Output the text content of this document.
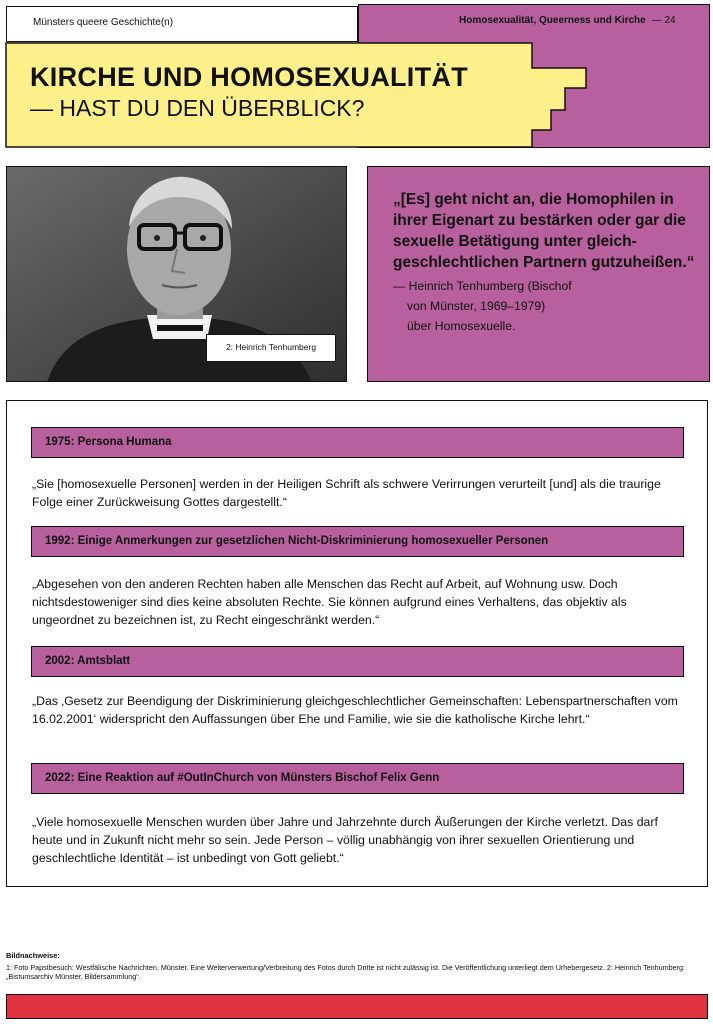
Homosexualität, Queerness und Kirche — 24
Münsters queere Geschichte(n)
KIRCHE UND HOMOSEXUALITÄT
— HAST DU DEN ÜBERBLICK?
2: Heinrich Tenhumberg
„[Es] geht nicht an, die Homophilen in ihrer Eigenart zu bestärken oder gar die sexuelle Betätigung unter gleichgeschlechtlichen Partnern gutzuheißen.“
— Heinrich Tenhumberg (Bischof
von Münster, 1969–1979)
über Homosexuelle.
1975: Persona Humana
„Sie [homosexuelle Personen] werden in der Heiligen Schrift als schwere Verirrungen verurteilt [und] als die traurige Folge einer Zurückweisung Gottes dargestellt.“
1992: Einige Anmerkungen zur gesetzlichen Nicht-Diskriminierung homosexueller Personen
„Abgesehen von den anderen Rechten haben alle Menschen das Recht auf Arbeit, auf Wohnung usw. Doch nichtsdestoweniger sind dies keine absoluten Rechte. Sie können aufgrund eines Verhaltens, das objektiv als ungeordnet zu bezeichnen ist, zu Recht eingeschränkt werden.“
2002: Amtsblatt
„Das ‚Gesetz zur Beendigung der Diskriminierung gleichgeschlechtlicher Gemeinschaften: Lebenspartnerschaften vom 16.02.2001‘ widerspricht den Auffassungen über Ehe und Familie, wie sie die katholische Kirche lehrt.“
2022: Eine Reaktion auf #OutInChurch von Münsters Bischof Felix Genn
„Viele homosexuelle Menschen wurden über Jahre und Jahrzehnte durch Äußerungen der Kirche verletzt. Das darf heute und in Zukunft nicht mehr so sein. Jede Person – völlig unabhängig von ihrer sexuellen Orientierung und geschlechtliche Identität – ist unbedingt von Gott geliebt.“
Bildnachweise:
1: Foto Papstbesuch: Westfälische Nachrichten, Münster. Eine Weiterverwertung/Verbreitung des Fotos durch Dritte ist nicht zulässig ist. Die Veröffentlichung unterliegt dem Urhebergesetz. 2: Heinrich Tenhumberg: „Bistumsarchiv Münster, Bildersammlung“.
